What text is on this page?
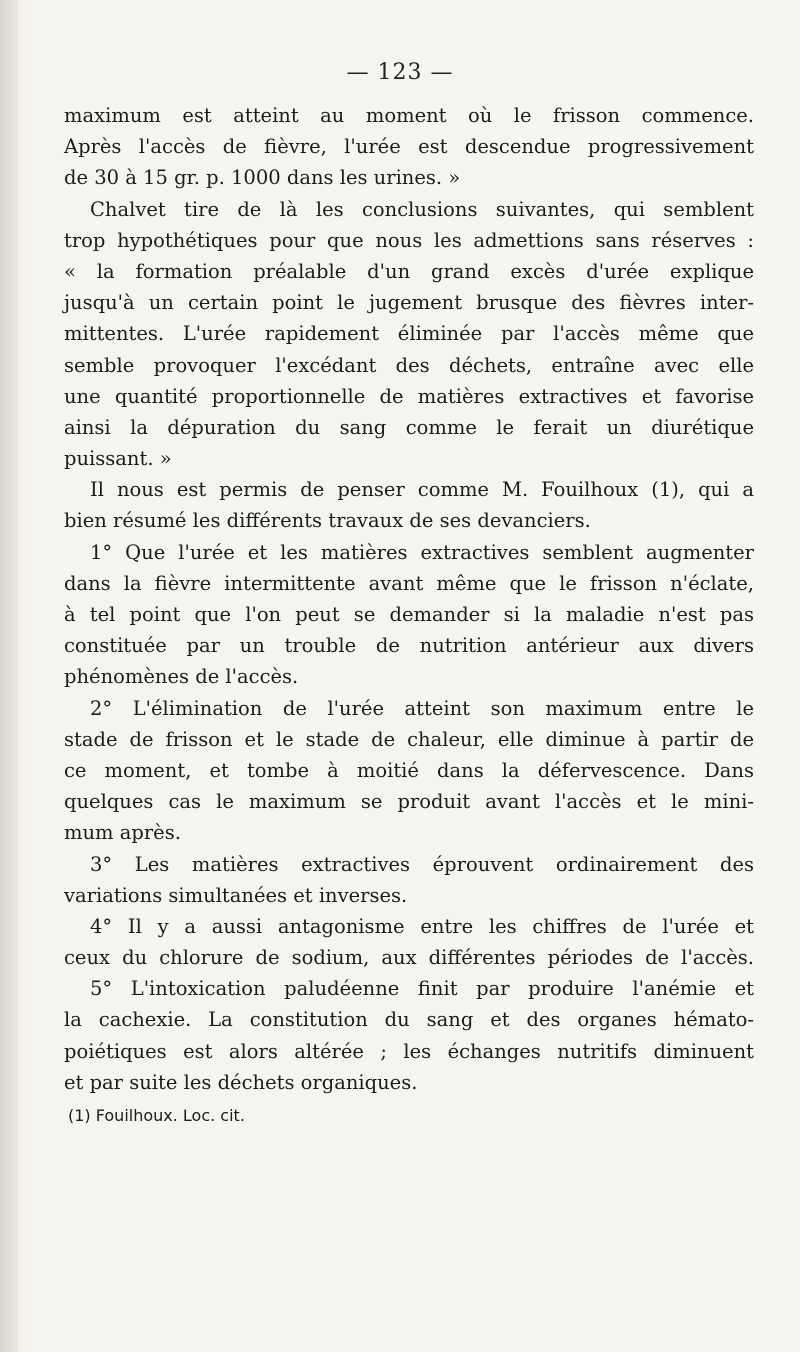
— 123 —
maximum est atteint au moment où le frisson commence.
Après l'accès de fièvre, l'urée est descendue progressivement
de 30 à 15 gr. p. 1000 dans les urines. »
Chalvet tire de là les conclusions suivantes, qui semblent
trop hypothétiques pour que nous les admettions sans réserves :
« la formation préalable d'un grand excès d'urée explique
jusqu'à un certain point le jugement brusque des fièvres inter-
mittentes. L'urée rapidement éliminée par l'accès même que
semble provoquer l'excédant des déchets, entraîne avec elle
une quantité proportionnelle de matières extractives et favorise
ainsi la dépuration du sang comme le ferait un diurétique
puissant. »
Il nous est permis de penser comme M. Fouilhoux (1), qui a
bien résumé les différents travaux de ses devanciers.
1° Que l'urée et les matières extractives semblent augmenter
dans la fièvre intermittente avant même que le frisson n'éclate,
à tel point que l'on peut se demander si la maladie n'est pas
constituée par un trouble de nutrition antérieur aux divers
phénomènes de l'accès.
2° L'élimination de l'urée atteint son maximum entre le
stade de frisson et le stade de chaleur, elle diminue à partir de
ce moment, et tombe à moitié dans la défervescence. Dans
quelques cas le maximum se produit avant l'accès et le mini-
mum après.
3° Les matières extractives éprouvent ordinairement des
variations simultanées et inverses.
4° Il y a aussi antagonisme entre les chiffres de l'urée et
ceux du chlorure de sodium, aux différentes périodes de l'accès.
5° L'intoxication paludéenne finit par produire l'anémie et
la cachexie. La constitution du sang et des organes hémato-
poiétiques est alors altérée ; les échanges nutritifs diminuent
et par suite les déchets organiques.
(1) Fouilhoux. Loc. cit.
